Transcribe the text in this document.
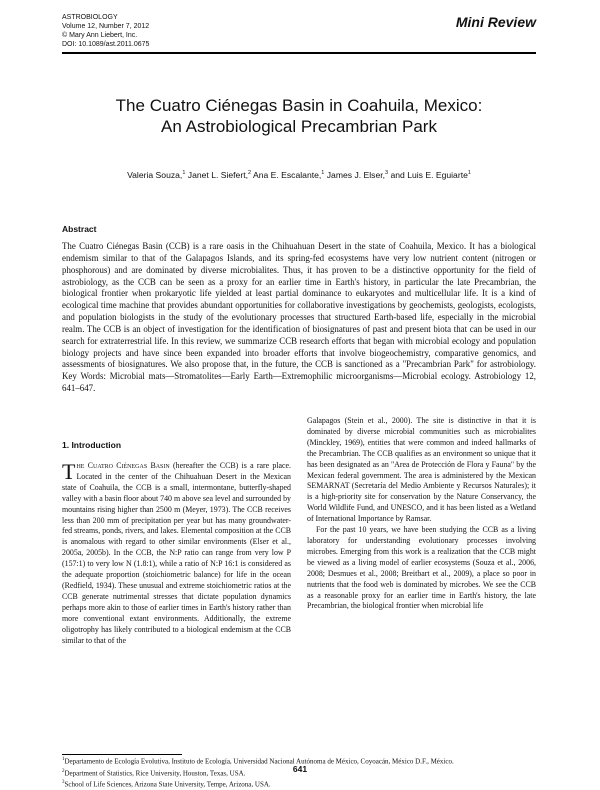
ASTROBIOLOGY
Volume 12, Number 7, 2012
© Mary Ann Liebert, Inc.
DOI: 10.1089/ast.2011.0675
Mini Review
The Cuatro Ciénegas Basin in Coahuila, Mexico:
An Astrobiological Precambrian Park
Valeria Souza,$^1$ Janet L. Siefert,$^2$ Ana E. Escalante,$^1$ James J. Elser,$^3$ and Luis E. Eguiarte$^1$
Abstract
The Cuatro Ciénegas Basin (CCB) is a rare oasis in the Chihuahuan Desert in the state of Coahuila, Mexico. It has a biological endemism similar to that of the Galapagos Islands, and its spring-fed ecosystems have very low nutrient content (nitrogen or phosphorous) and are dominated by diverse microbialites. Thus, it has proven to be a distinctive opportunity for the field of astrobiology, as the CCB can be seen as a proxy for an earlier time in Earth's history, in particular the late Precambrian, the biological frontier when prokaryotic life yielded at least partial dominance to eukaryotes and multicellular life. It is a kind of ecological time machine that provides abundant opportunities for collaborative investigations by geochemists, geologists, ecologists, and population biologists in the study of the evolutionary processes that structured Earth-based life, especially in the microbial realm. The CCB is an object of investigation for the identification of biosignatures of past and present biota that can be used in our search for extraterrestrial life. In this review, we summarize CCB research efforts that began with microbial ecology and population biology projects and have since been expanded into broader efforts that involve biogeochemistry, comparative genomics, and assessments of biosignatures. We also propose that, in the future, the CCB is sanctioned as a "Precambrian Park" for astrobiology. Key Words: Microbial mats—Stromatolites—Early Earth—Extremophilic microorganisms—Microbial ecology. Astrobiology 12, 641–647.
1. Introduction

The Cuatro Ciénegas Basin (hereafter the CCB) is a rare place. Located in the center of the Chihuahuan Desert in the Mexican state of Coahuila, the CCB is a small, intermontane, butterfly-shaped valley with a basin floor about 740 m above sea level and surrounded by mountains rising higher than 2500 m (Meyer, 1973). The CCB receives less than 200 mm of precipitation per year but has many groundwater-fed streams, ponds, rivers, and lakes. Elemental composition at the CCB is anomalous with regard to other similar environments (Elser et al., 2005a, 2005b). In the CCB, the N:P ratio can range from very low P (157:1) to very low N (1.8:1), while a ratio of N:P 16:1 is considered as the adequate proportion (stoichiometric balance) for life in the ocean (Redfield, 1934). These unusual and extreme stoichiometric ratios at the CCB generate nutrimental stresses that dictate population dynamics perhaps more akin to those of earlier times in Earth's history rather than more conventional extant environments. Additionally, the extreme oligotrophy has likely contributed to a biological endemism at the CCB similar to that of the

Galapagos (Stein et al., 2000). The site is distinctive in that it is dominated by diverse microbial communities such as microbialites (Minckley, 1969), entities that were common and indeed hallmarks of the Precambrian. The CCB qualifies as an environment so unique that it has been designated as an "Area de Protección de Flora y Fauna" by the Mexican federal government. The area is administered by the Mexican SEMARNAT (Secretaría del Medio Ambiente y Recursos Naturales); it is a high-priority site for conservation by the Nature Conservancy, the World Wildlife Fund, and UNESCO, and it has been listed as a Wetland of International Importance by Ramsar.

For the past 10 years, we have been studying the CCB as a living laboratory for understanding evolutionary processes involving microbes. Emerging from this work is a realization that the CCB might be viewed as a living model of earlier ecosystems (Souza et al., 2006, 2008; Desmues et al., 2008; Breitbart et al., 2009), a place so poor in nutrients that the food web is dominated by microbes. We see the CCB as a reasonable proxy for an earlier time in Earth's history, the late Precambrian, the biological frontier when microbial life

$^1$Departamento de Ecología Evolutiva, Instituto de Ecología, Universidad Nacional Autónoma de México, Coyoacán, México D.F., México.
$^2$Department of Statistics, Rice University, Houston, Texas, USA.
$^3$School of Life Sciences, Arizona State University, Tempe, Arizona, USA.
641
